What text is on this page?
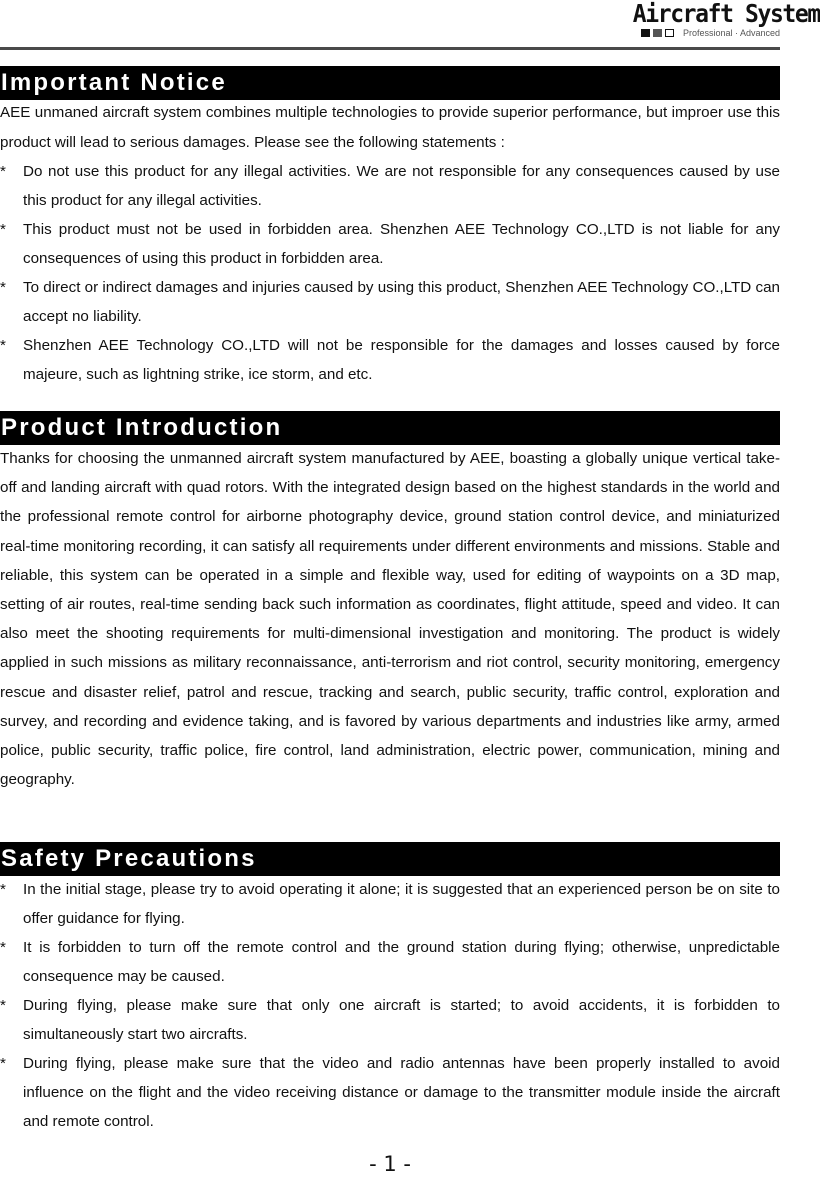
Aircraft System
Professional · Advanced
Important Notice

AEE unmaned aircraft system combines multiple technologies to provide superior performance, but improer use this product will lead to serious damages. Please see the following statements :

*	Do not use this product for any illegal activities. We are not responsible for any consequences caused by use this product for any illegal activities.
*	This product must not be used in forbidden area. Shenzhen AEE Technology CO.,LTD is not liable for any consequences of using this product in forbidden area.
*	To direct or indirect damages and injuries caused by using this product, Shenzhen AEE Technology CO.,LTD can accept no liability.
*	Shenzhen AEE Technology CO.,LTD will not be responsible for the damages and losses caused by force majeure, such as lightning strike, ice storm, and etc.
Product Introduction

Thanks for choosing the unmanned aircraft system manufactured by AEE, boasting a globally unique vertical take-off and landing aircraft with quad rotors. With the integrated design based on the highest standards in the world and the professional remote control for airborne photography device, ground station control device, and miniaturized real-time monitoring recording, it can satisfy all requirements under different environments and missions. Stable and reliable, this system can be operated in a simple and flexible way, used for editing of waypoints on a 3D map, setting of air routes, real-time sending back such information as coordinates, flight attitude, speed and video. It can also meet the shooting requirements for multi-dimensional investigation and monitoring. The product is widely applied in such missions as military reconnaissance, anti-terrorism and riot control, security monitoring, emergency rescue and disaster relief, patrol and rescue, tracking and search, public security, traffic control, exploration and survey, and recording and evidence taking, and is favored by various departments and industries like army, armed police, public security, traffic police, fire control, land administration, electric power, communication, mining and geography.

Safety Precautions
*	In the initial stage, please try to avoid operating it alone; it is suggested that an experienced person be on site to offer guidance for flying.
*	It is forbidden to turn off the remote control and the ground station during flying; otherwise, unpredictable consequence may be caused.
*	During flying, please make sure that only one aircraft is started; to avoid accidents, it is forbidden to simultaneously start two aircrafts.
*	During flying, please make sure that the video and radio antennas have been properly installed to avoid influence on the flight and the video receiving distance or damage to the transmitter module inside the aircraft and remote control.
- 1 -
